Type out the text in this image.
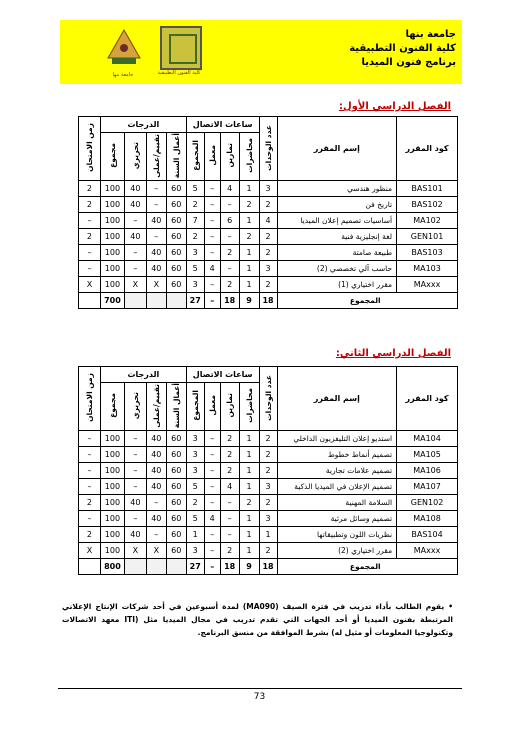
جامعة بنها	كلية الفنون التطبيقية
جامعة بنها
كلية الفنون التطبيقية
برنامج فنون الميديا
الفصل الدراسي الأول:
زمن الامتحان	الدرجات				ساعات الاتصال				عدد الوحدات	إسم المقرر	كود المقرر
	مجموع	تحريري	تقييم/عملى	أعمال السنة	المجموع	معمل	تمارين	محاضرات			
2	100	40	–	60	5	–	4	1	3	منظور هندسي	BAS101
2	100	40	–	60	2	–	–	2	2	تاريخ فن	BAS102
–	100	–	40	60	7	–	6	1	4	أساسيات تصميم إعلان الميديا	MA102
2	100	40	–	60	2	–	–	2	2	لغة إنجليزية فنية	GEN101
–	100	–	40	60	3	–	2	1	2	طبيعة صامتة	BAS103
–	100	–	40	60	5	4	–	1	3	حاسب آلي تخصصي (2)	MA103
X	100	X	X	60	3	–	2	1	2	مقرر اختياري (1)	MAxxx
	700				27	–	18	9	18	المجموع	
الفصل الدراسي الثاني:
زمن الامتحان	الدرجات				ساعات الاتصال				عدد الوحدات	إسم المقرر	كود المقرر
	مجموع	تحريري	تقييم/عملى	أعمال السنة	المجموع	معمل	تمارين	محاضرات			
–	100	–	40	60	3	–	2	1	2	استديو إعلان التليفزيون الداخلي	MA104
–	100	–	40	60	3	–	2	1	2	تصميم أنماط خطوط	MA105
–	100	–	40	60	3	–	2	1	2	تصميم علامات تجارية	MA106
–	100	–	40	60	5	–	4	1	3	تصميم الإعلان في الميديا الذكية	MA107
2	100	40	–	60	2	–	–	2	2	السلامة المهنية	GEN102
–	100	–	40	60	5	4	–	1	3	تصميم وسائل مرئية	MA108
2	100	40	–	60	1	–	–	1	1	نظريات اللون وتطبيقاتها	BAS104
X	100	X	X	60	3	–	2	1	2	مقرر اختياري (2)	MAxxx
	800				27	–	18	9	18	المجموع	
• يقوم الطالب بأداء تدريب في فترة الصيف (MA090) لمدة أسبوعين في أحد شركات الإنتاج الإعلاني المرتبطة بفنون الميديا أو أحد الجهات التي تقدم تدريب في مجال الميديا مثل (ITI معهد الاتصالات وتكنولوجيا المعلومات أو مثيل له) بشرط الموافقة من منسق البرنامج.
73
